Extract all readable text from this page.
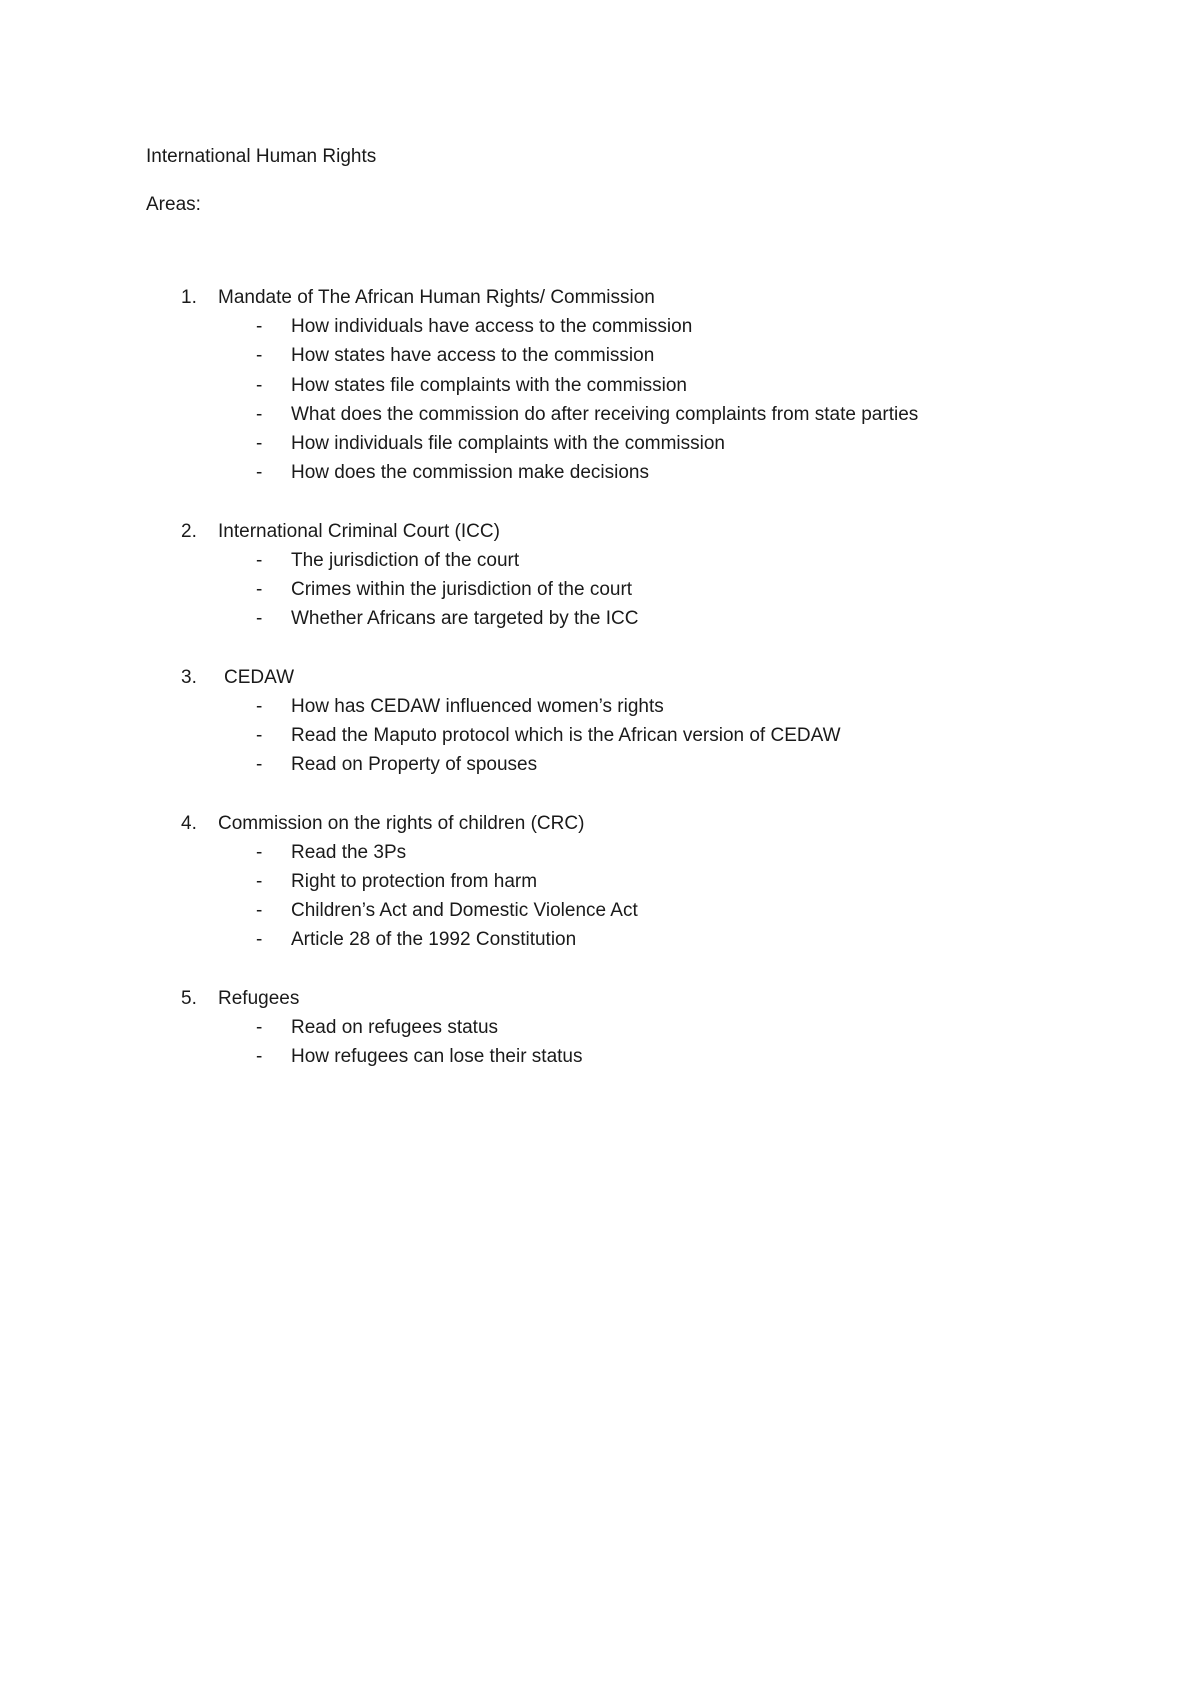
International Human Rights
Areas:
1. Mandate of The African Human Rights/ Commission
- How individuals have access to the commission
- How states have access to the commission
- How states file complaints with the commission
- What does the commission do after receiving complaints from state parties
- How individuals file complaints with the commission
- How does the commission make decisions
2. International Criminal Court (ICC)
- The jurisdiction of the court
- Crimes within the jurisdiction of the court
- Whether Africans are targeted by the ICC
3. CEDAW
- How has CEDAW influenced women’s rights
- Read the Maputo protocol which is the African version of CEDAW
- Read on Property of spouses
4. Commission on the rights of children (CRC)
- Read the 3Ps
- Right to protection from harm
- Children’s Act and Domestic Violence Act
- Article 28 of the 1992 Constitution
5. Refugees
- Read on refugees status
- How refugees can lose their status
